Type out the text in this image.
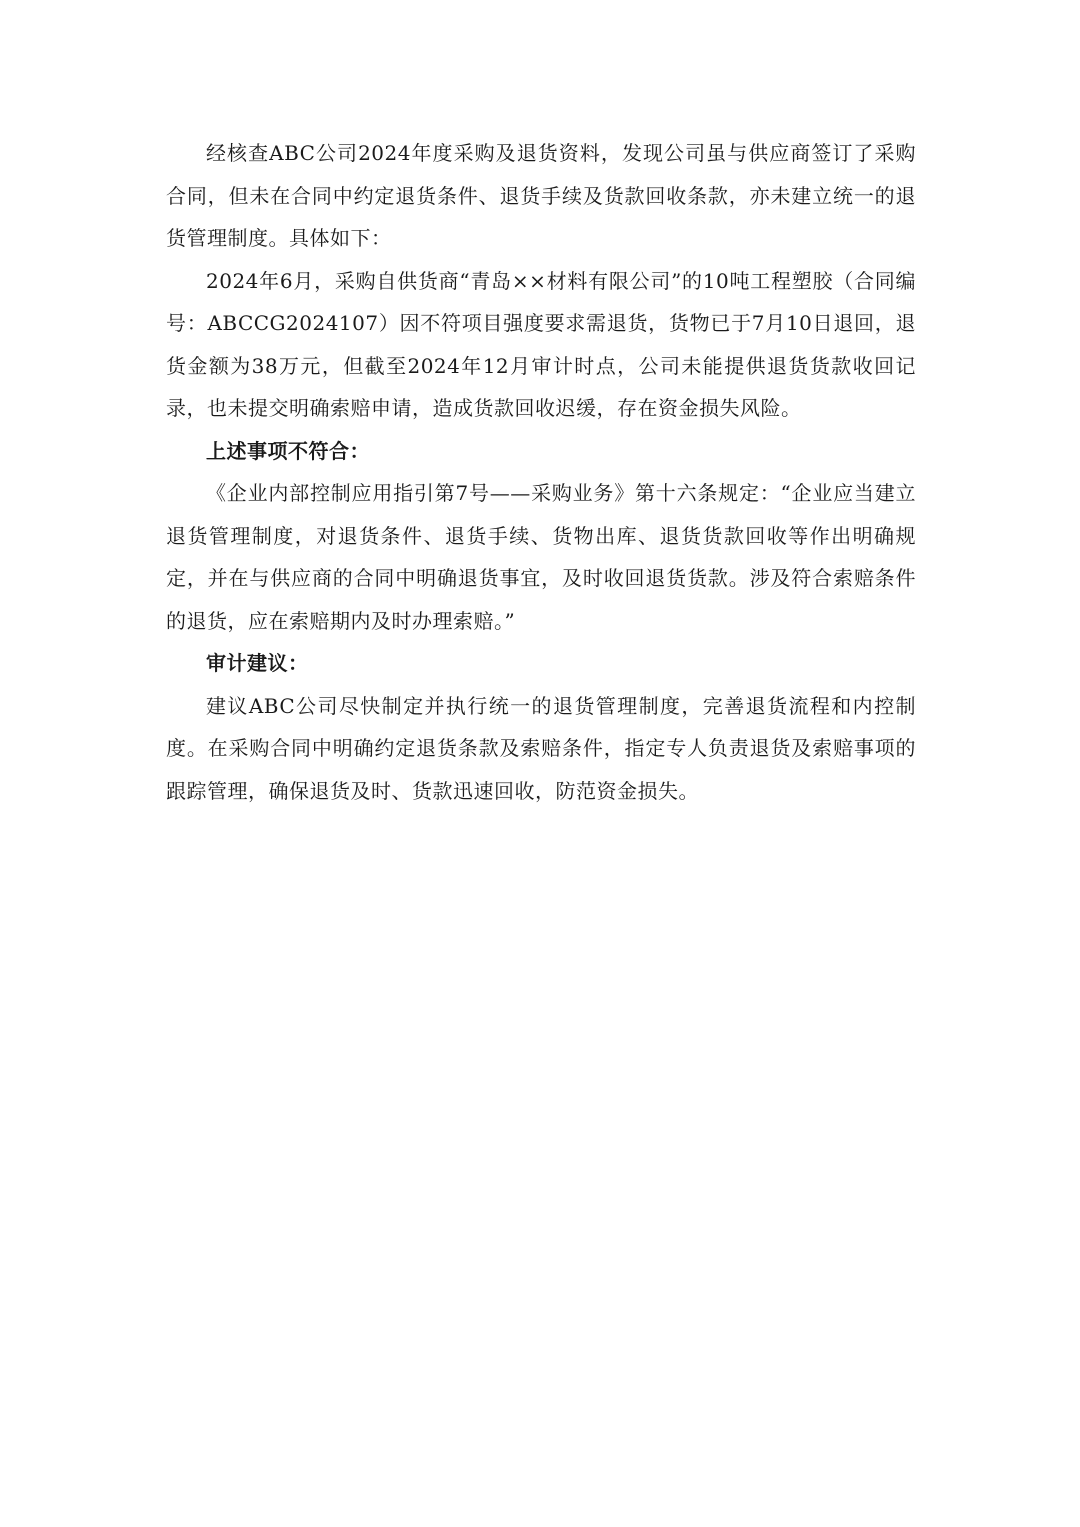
经核查ABC公司2024年度采购及退货资料，发现公司虽与供应商签订了采购合同，但未在合同中约定退货条件、退货手续及货款回收条款，亦未建立统一的退货管理制度。具体如下：

2024年6月，采购自供货商“青岛××材料有限公司”的10吨工程塑胶（合同编号：ABCCG2024107）因不符项目强度要求需退货，货物已于7月10日退回，退货金额为38万元，但截至2024年12月审计时点，公司未能提供退货货款收回记录，也未提交明确索赔申请，造成货款回收迟缓，存在资金损失风险。

上述事项不符合：

《企业内部控制应用指引第7号——采购业务》第十六条规定：“企业应当建立退货管理制度，对退货条件、退货手续、货物出库、退货货款回收等作出明确规定，并在与供应商的合同中明确退货事宜，及时收回退货货款。涉及符合索赔条件的退货，应在索赔期内及时办理索赔。”

审计建议：

建议ABC公司尽快制定并执行统一的退货管理制度，完善退货流程和内控制度。在采购合同中明确约定退货条款及索赔条件，指定专人负责退货及索赔事项的跟踪管理，确保退货及时、货款迅速回收，防范资金损失。
